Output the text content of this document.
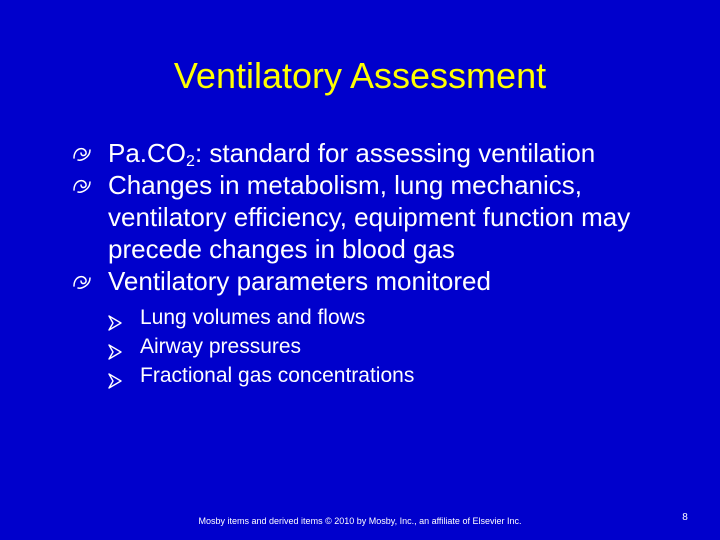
Ventilatory Assessment
$Pa.CO_2$: standard for assessing ventilation
Changes in metabolism, lung mechanics, ventilatory efficiency, equipment function may precede changes in blood gas
Ventilatory parameters monitored
Lung volumes and flows
Airway pressures
Fractional gas concentrations
Mosby items and derived items © 2010 by Mosby, Inc., an affiliate of Elsevier Inc.	8
